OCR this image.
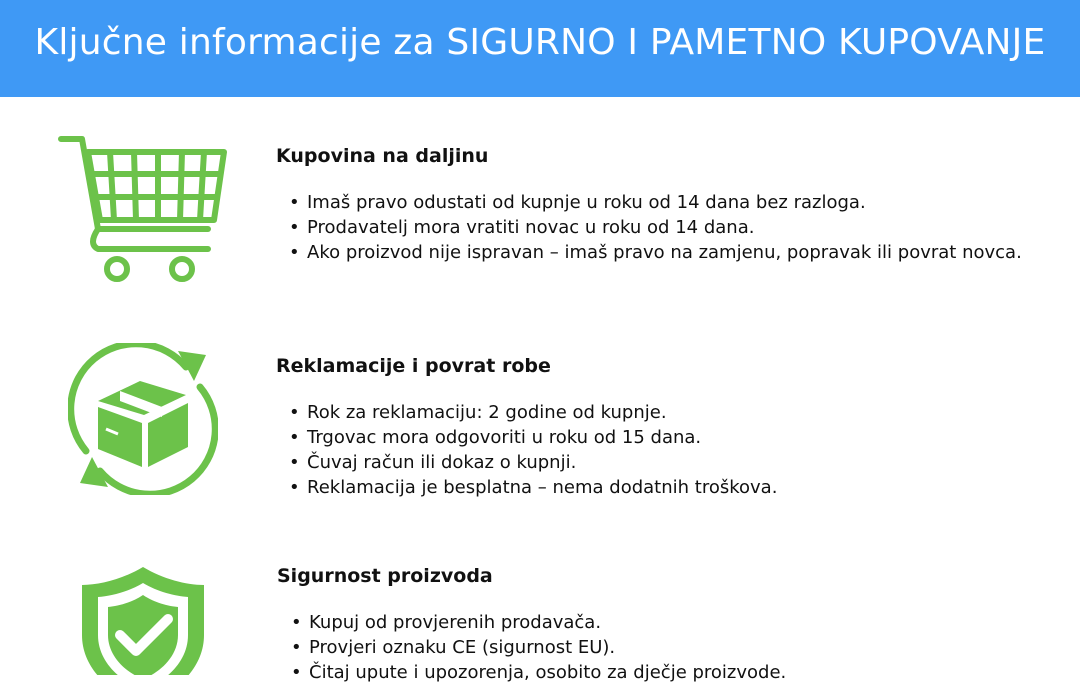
Ključne informacije za SIGURNO I PAMETNO KUPOVANJE
Kupovina na daljinu
• Imaš pravo odustati od kupnje u roku od 14 dana bez razloga.
• Prodavatelj mora vratiti novac u roku od 14 dana.
• Ako proizvod nije ispravan – imaš pravo na zamjenu, popravak ili povrat novca.
Reklamacije i povrat robe
• Rok za reklamaciju: 2 godine od kupnje.
• Trgovac mora odgovoriti u roku od 15 dana.
• Čuvaj račun ili dokaz o kupnji.
• Reklamacija je besplatna – nema dodatnih troškova.
Sigurnost proizvoda
• Kupuj od provjerenih prodavača.
• Provjeri oznaku CE (sigurnost EU).
• Čitaj upute i upozorenja, osobito za dječje proizvode.
